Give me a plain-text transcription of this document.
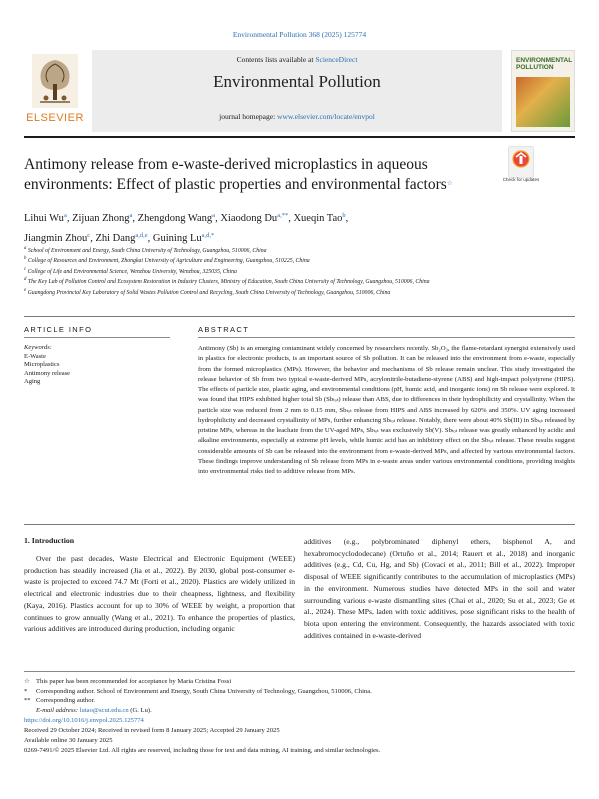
Environmental Pollution 368 (2025) 125774
ELSEVIER
Contents lists available at ScienceDirect
Environmental Pollution
journal homepage: www.elsevier.com/locate/envpol
ENVIRONMENTAL POLLUTION
Antimony release from e-waste-derived microplastics in aqueous environments: Effect of plastic properties and environmental factors☆
Check for updates
Lihui Wu$^a$, Zijuan Zhong$^a$, Zhengdong Wang$^a$, Xiaodong $Du^{a,**}$, Xueqin Tao$^b$,
Jiangmin Zhou$^c$, Zhi Dang$^{a,d,e}$, Guining $Lu^{a,d,*}$
$^a$ School of Environment and Energy, South China University of Technology, Guangzhou, 510006, China
$^b$ College of Resources and Environment, Zhongkai University of Agriculture and Engineering, Guangzhou, 510225, China
$^c$ College of Life and Environmental Science, Wenzhou University, Wenzhou, 325035, China
$^d$ The Key Lab of Pollution Control and Ecosystem Restoration in Industry Clusters, Ministry of Education, South China University of Technology, Guangzhou, 510006, China
$^e$ Guangdong Provincial Key Laboratory of Solid Wastes Pollution Control and Recycling, South China University of Technology, Guangzhou, 510006, China
ARTICLE INFO
Keywords:
E-Waste
Microplastics
Antimony release
Aging
ABSTRACT
Antimony (Sb) is an emerging contaminant widely concerned by researchers recently. Sb₂O₃, the flame-retardant synergist extensively used in plastics for electronic products, is an important source of Sb pollution. It can be released into the environment from e-waste, especially from the formed microplastics (MPs). However, the behavior and mechanisms of Sb release remain unclear. This study investigated the release behavior of Sb from two typical e-waste-derived MPs, acrylonitrile-butadiene-styrene (ABS) and high-impact polystyrene (HIPS). The effects of particle size, plastic aging, and environmental conditions (pH, humic acid, and inorganic ions) on Sb release were explored. It was found that HIPS exhibited higher total Sb (Sbₜₒₜ) release than ABS, due to differences in their hydrophilicity and crystallinity. When the particle size was reduced from 2 mm to 0.15 mm, Sbₜₒₜ release from HIPS and ABS increased by 620% and 350%. UV aging increased hydrophilicity and decreased crystallinity of MPs, further enhancing Sbₜₒₜ release. Notably, there were about 40% Sb(III) in Sbₜₒₜ released by pristine MPs, whereas in the leachate from the UV-aged MPs, Sbₜₒₜ was exclusively Sb(V). Sbₜₒₜ release was greatly enhanced by acidic and alkaline environments, especially at extreme pH levels, while humic acid has an inhibitory effect on the Sbₜₒₜ release. These results suggest considerable amounts of Sb can be released into the environment from e-waste-derived MPs, and affected by various environmental factors. These findings improve understanding of Sb release from MPs in e-waste areas under various environmental conditions, providing insights into environmental risks tied to additive release from MPs.
1. Introduction
Over the past decades, Waste Electrical and Electronic Equipment (WEEE) production has steadily increased (Jia et al., 2022). By 2030, global post-consumer e-waste is projected to exceed 74.7 Mt (Forti et al., 2020). Plastics are widely utilized in electrical and electronic industries due to their cheapness, lightness, and flexibility (Kaya, 2016). Plastics account for up to 30% of WEEE by weight, a proportion that continues to grow annually (Wang et al., 2021). To enhance the properties of plastics, various additives are introduced during production, including organic
additives (e.g., polybrominated diphenyl ethers, bisphenol A, and hexabromocyclododecane) (Ortuño et al., 2014; Rauert et al., 2018) and inorganic additives (e.g., Cd, Cu, Hg, and Sb) (Covaci et al., 2011; Bill et al., 2022). Improper disposal of WEEE significantly contributes to the accumulation of microplastics (MPs) in the environment. Numerous studies have detected MPs in the soil and water surrounding various e-waste dismantling sites (Chai et al., 2020; Su et al., 2023; Ge et al., 2024). These MPs, laden with toxic additives, pose significant risks to the health of biota upon entering the environment. Consequently, the hazards associated with toxic additives contained in e-waste-derived
☆ This paper has been recommended for acceptance by Maria Cristina Fossi
* Corresponding author. School of Environment and Energy, South China University of Technology, Guangzhou, 510006, China.
** Corresponding author.
E-mail address: lutao@scut.edu.cn (G. Lu).
https://doi.org/10.1016/j.envpol.2025.125774
Received 29 October 2024; Received in revised form 8 January 2025; Accepted 29 January 2025
Available online 30 January 2025
0269-7491/© 2025 Elsevier Ltd. All rights are reserved, including those for text and data mining, AI training, and similar technologies.
